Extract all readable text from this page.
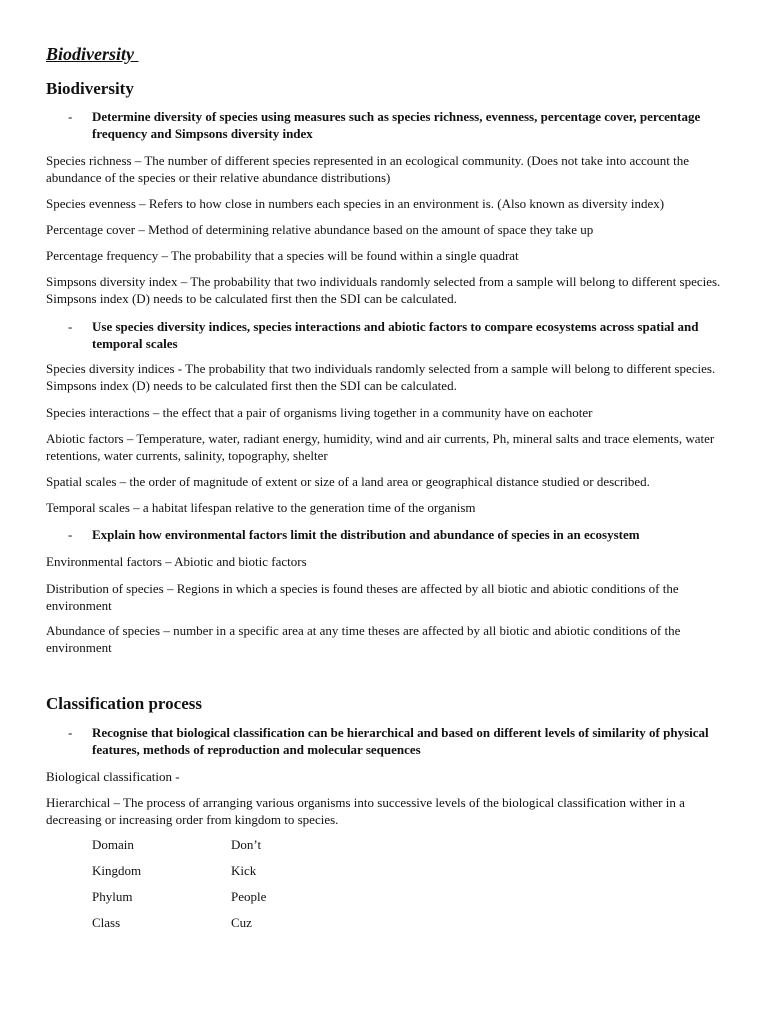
Biodiversity
Biodiversity
- Determine diversity of species using measures such as species richness, evenness, percentage cover, percentage frequency and Simpsons diversity index
Species richness – The number of different species represented in an ecological community. (Does not take into account the abundance of the species or their relative abundance distributions)
Species evenness – Refers to how close in numbers each species in an environment is. (Also known as diversity index)
Percentage cover – Method of determining relative abundance based on the amount of space they take up
Percentage frequency – The probability that a species will be found within a single quadrat
Simpsons diversity index – The probability that two individuals randomly selected from a sample will belong to different species. Simpsons index (D) needs to be calculated first then the SDI can be calculated.
- Use species diversity indices, species interactions and abiotic factors to compare ecosystems across spatial and temporal scales
Species diversity indices - The probability that two individuals randomly selected from a sample will belong to different species. Simpsons index (D) needs to be calculated first then the SDI can be calculated.
Species interactions – the effect that a pair of organisms living together in a community have on eachoter
Abiotic factors – Temperature, water, radiant energy, humidity, wind and air currents, Ph, mineral salts and trace elements, water retentions, water currents, salinity, topography, shelter
Spatial scales – the order of magnitude of extent or size of a land area or geographical distance studied or described.
Temporal scales – a habitat lifespan relative to the generation time of the organism
- Explain how environmental factors limit the distribution and abundance of species in an ecosystem
Environmental factors – Abiotic and biotic factors
Distribution of species – Regions in which a species is found theses are affected by all biotic and abiotic conditions of the environment
Abundance of species – number in a specific area at any time theses are affected by all biotic and abiotic conditions of the environment
Classification process
- Recognise that biological classification can be hierarchical and based on different levels of similarity of physical features, methods of reproduction and molecular sequences
Biological classification -
Hierarchical – The process of arranging various organisms into successive levels of the biological classification wither in a decreasing or increasing order from kingdom to species.
Domain	Don’t
Kingdom	Kick
Phylum	People
Class	Cuz
